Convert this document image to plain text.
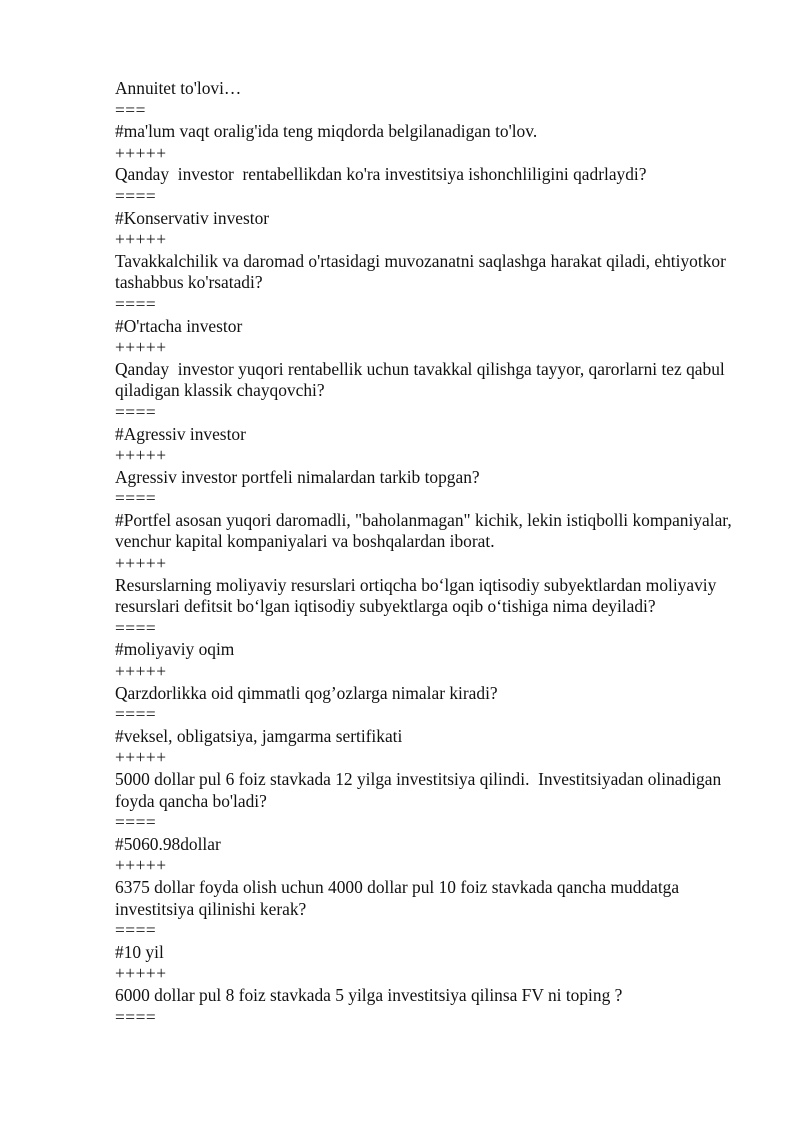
Annuitet to'lovi…

===

#ma'lum vaqt oralig'ida teng miqdorda belgilanadigan to'lov.

+++++

Qanday  investor  rentabellikdan ko'ra investitsiya ishonchliligini qadrlaydi?

====

#Konservativ investor

+++++

Tavakkalchilik va daromad o'rtasidagi muvozanatni saqlashga harakat qiladi, ehtiyotkor tashabbus ko'rsatadi?

====

#O'rtacha investor

+++++

Qanday  investor yuqori rentabellik uchun tavakkal qilishga tayyor, qarorlarni tez qabul qiladigan klassik chayqovchi?

====

#Agressiv investor

+++++

Agressiv investor portfeli nimalardan tarkib topgan?

====

#Portfel asosan yuqori daromadli, "baholanmagan" kichik, lekin istiqbolli kompaniyalar, venchur kapital kompaniyalari va boshqalardan iborat.

+++++

Resurslarning moliyaviy resurslari ortiqcha bo‘lgan iqtisodiy subyektlardan moliyaviy resurslari defitsit bo‘lgan iqtisodiy subyektlarga oqib o‘tishiga nima deyiladi?

====

#moliyaviy oqim

+++++

Qarzdorlikka oid qimmatli qog’ozlarga nimalar kiradi?

====

#veksel, obligatsiya, jamgarma sertifikati

+++++

5000 dollar pul 6 foiz stavkada 12 yilga investitsiya qilindi.  Investitsiyadan olinadigan foyda qancha bo'ladi?

====

#5060.98dollar

+++++

6375 dollar foyda olish uchun 4000 dollar pul 10 foiz stavkada qancha muddatga investitsiya qilinishi kerak?

====

#10 yil

+++++

6000 dollar pul 8 foiz stavkada 5 yilga investitsiya qilinsa FV ni toping ?

====
